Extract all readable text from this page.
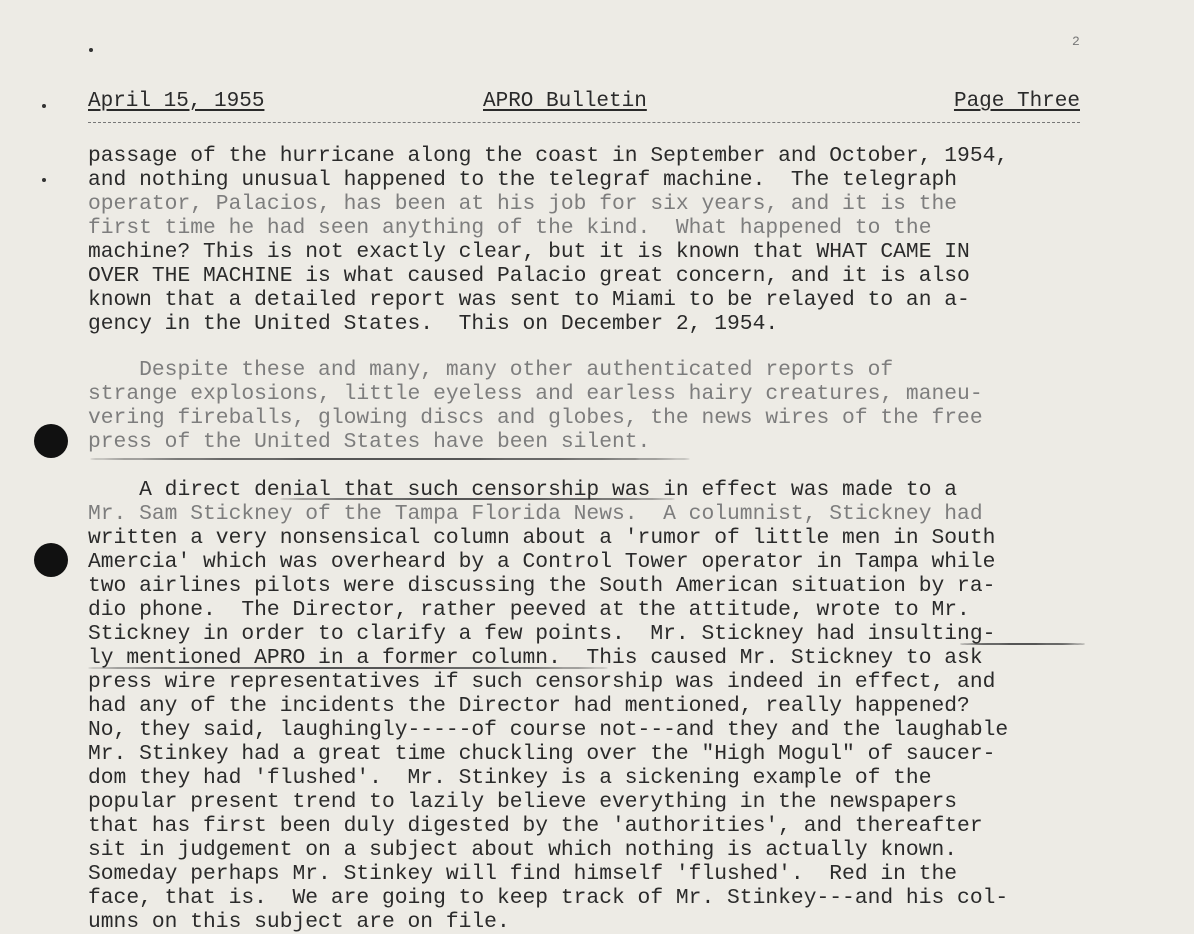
2
April 15, 1955	APRO Bulletin	Page Three
passage of the hurricane along the coast in September and October, 1954,
and nothing unusual happened to the telegraf machine.  The telegraph
operator, Palacios, has been at his job for six years, and it is the
first time he had seen anything of the kind.  What happened to the
machine? This is not exactly clear, but it is known that WHAT CAME IN
OVER THE MACHINE is what caused Palacio great concern, and it is also
known that a detailed report was sent to Miami to be relayed to an a-
gency in the United States.  This on December 2, 1954.
Despite these and many, many other authenticated reports of
strange explosions, little eyeless and earless hairy creatures, maneu-
vering fireballs, glowing discs and globes, the news wires of the free
press of the United States have been silent.
A direct denial that such censorship was in effect was made to a
Mr. Sam Stickney of the Tampa Florida News.  A columnist, Stickney had
written a very nonsensical column about a 'rumor of little men in South
Amercia' which was overheard by a Control Tower operator in Tampa while
two airlines pilots were discussing the South American situation by ra-
dio phone.  The Director, rather peeved at the attitude, wrote to Mr.
Stickney in order to clarify a few points.  Mr. Stickney had insulting-
ly mentioned APRO in a former column.  This caused Mr. Stickney to ask
press wire representatives if such censorship was indeed in effect, and
had any of the incidents the Director had mentioned, really happened?
No, they said, laughingly-----of course not---and they and the laughable
Mr. Stinkey had a great time chuckling over the "High Mogul" of saucer-
dom they had 'flushed'.  Mr. Stinkey is a sickening example of the
popular present trend to lazily believe everything in the newspapers
that has first been duly digested by the 'authorities', and thereafter
sit in judgement on a subject about which nothing is actually known.
Someday perhaps Mr. Stinkey will find himself 'flushed'.  Red in the
face, that is.  We are going to keep track of Mr. Stinkey---and his col-
umns on this subject are on file.
